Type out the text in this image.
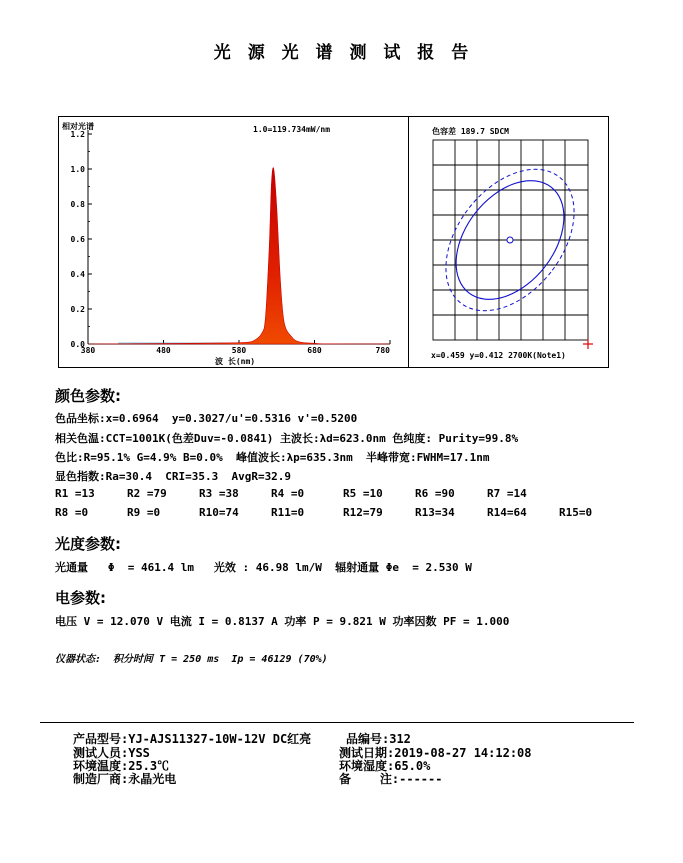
光 源 光 谱 测 试 报 告
相对光谱	1.0=119.734mW/nm
1.2
1.0
0.8
0.6
0.4
0.2
0.0
380	480	580	680	780
波 长(nm)
色容差 189.7 SDCM
x=0.459 y=0.412 2700K(Note1)
颜色参数:
色品坐标:x=0.6964  y=0.3027/u'=0.5316 v'=0.5200
相关色温:CCT=1001K(色差Duv=-0.0841) 主波长:λd=623.0nm 色纯度: Purity=99.8%
色比:R=95.1% G=4.9% B=0.0%  峰值波长:λp=635.3nm  半峰带宽:FWHM=17.1nm
显色指数:Ra=30.4  CRI=35.3  AvgR=32.9
R1 =13	R2 =79	R3 =38	R4 =0	R5 =10	R6 =90	R7 =14
R8 =0	R9 =0	R10=74	R11=0	R12=79	R13=34	R14=64	R15=0
光度参数:
光通量   Φ  = 461.4 lm   光效 : 46.98 lm/W  辐射通量 Φe  = 2.530 W
电参数:
电压 V = 12.070 V 电流 I = 0.8137 A 功率 P = 9.821 W 功率因数 PF = 1.000
仪器状态:  积分时间 T = 250 ms  Ip = 46129 (70%)
产品型号:YJ-AJS11327-10W-12V DC红亮	品编号:312
测试人员:YSS	测试日期:2019-08-27 14:12:08
环境温度:25.3℃	环境湿度:65.0%
制造厂商:永晶光电	备    注:------
